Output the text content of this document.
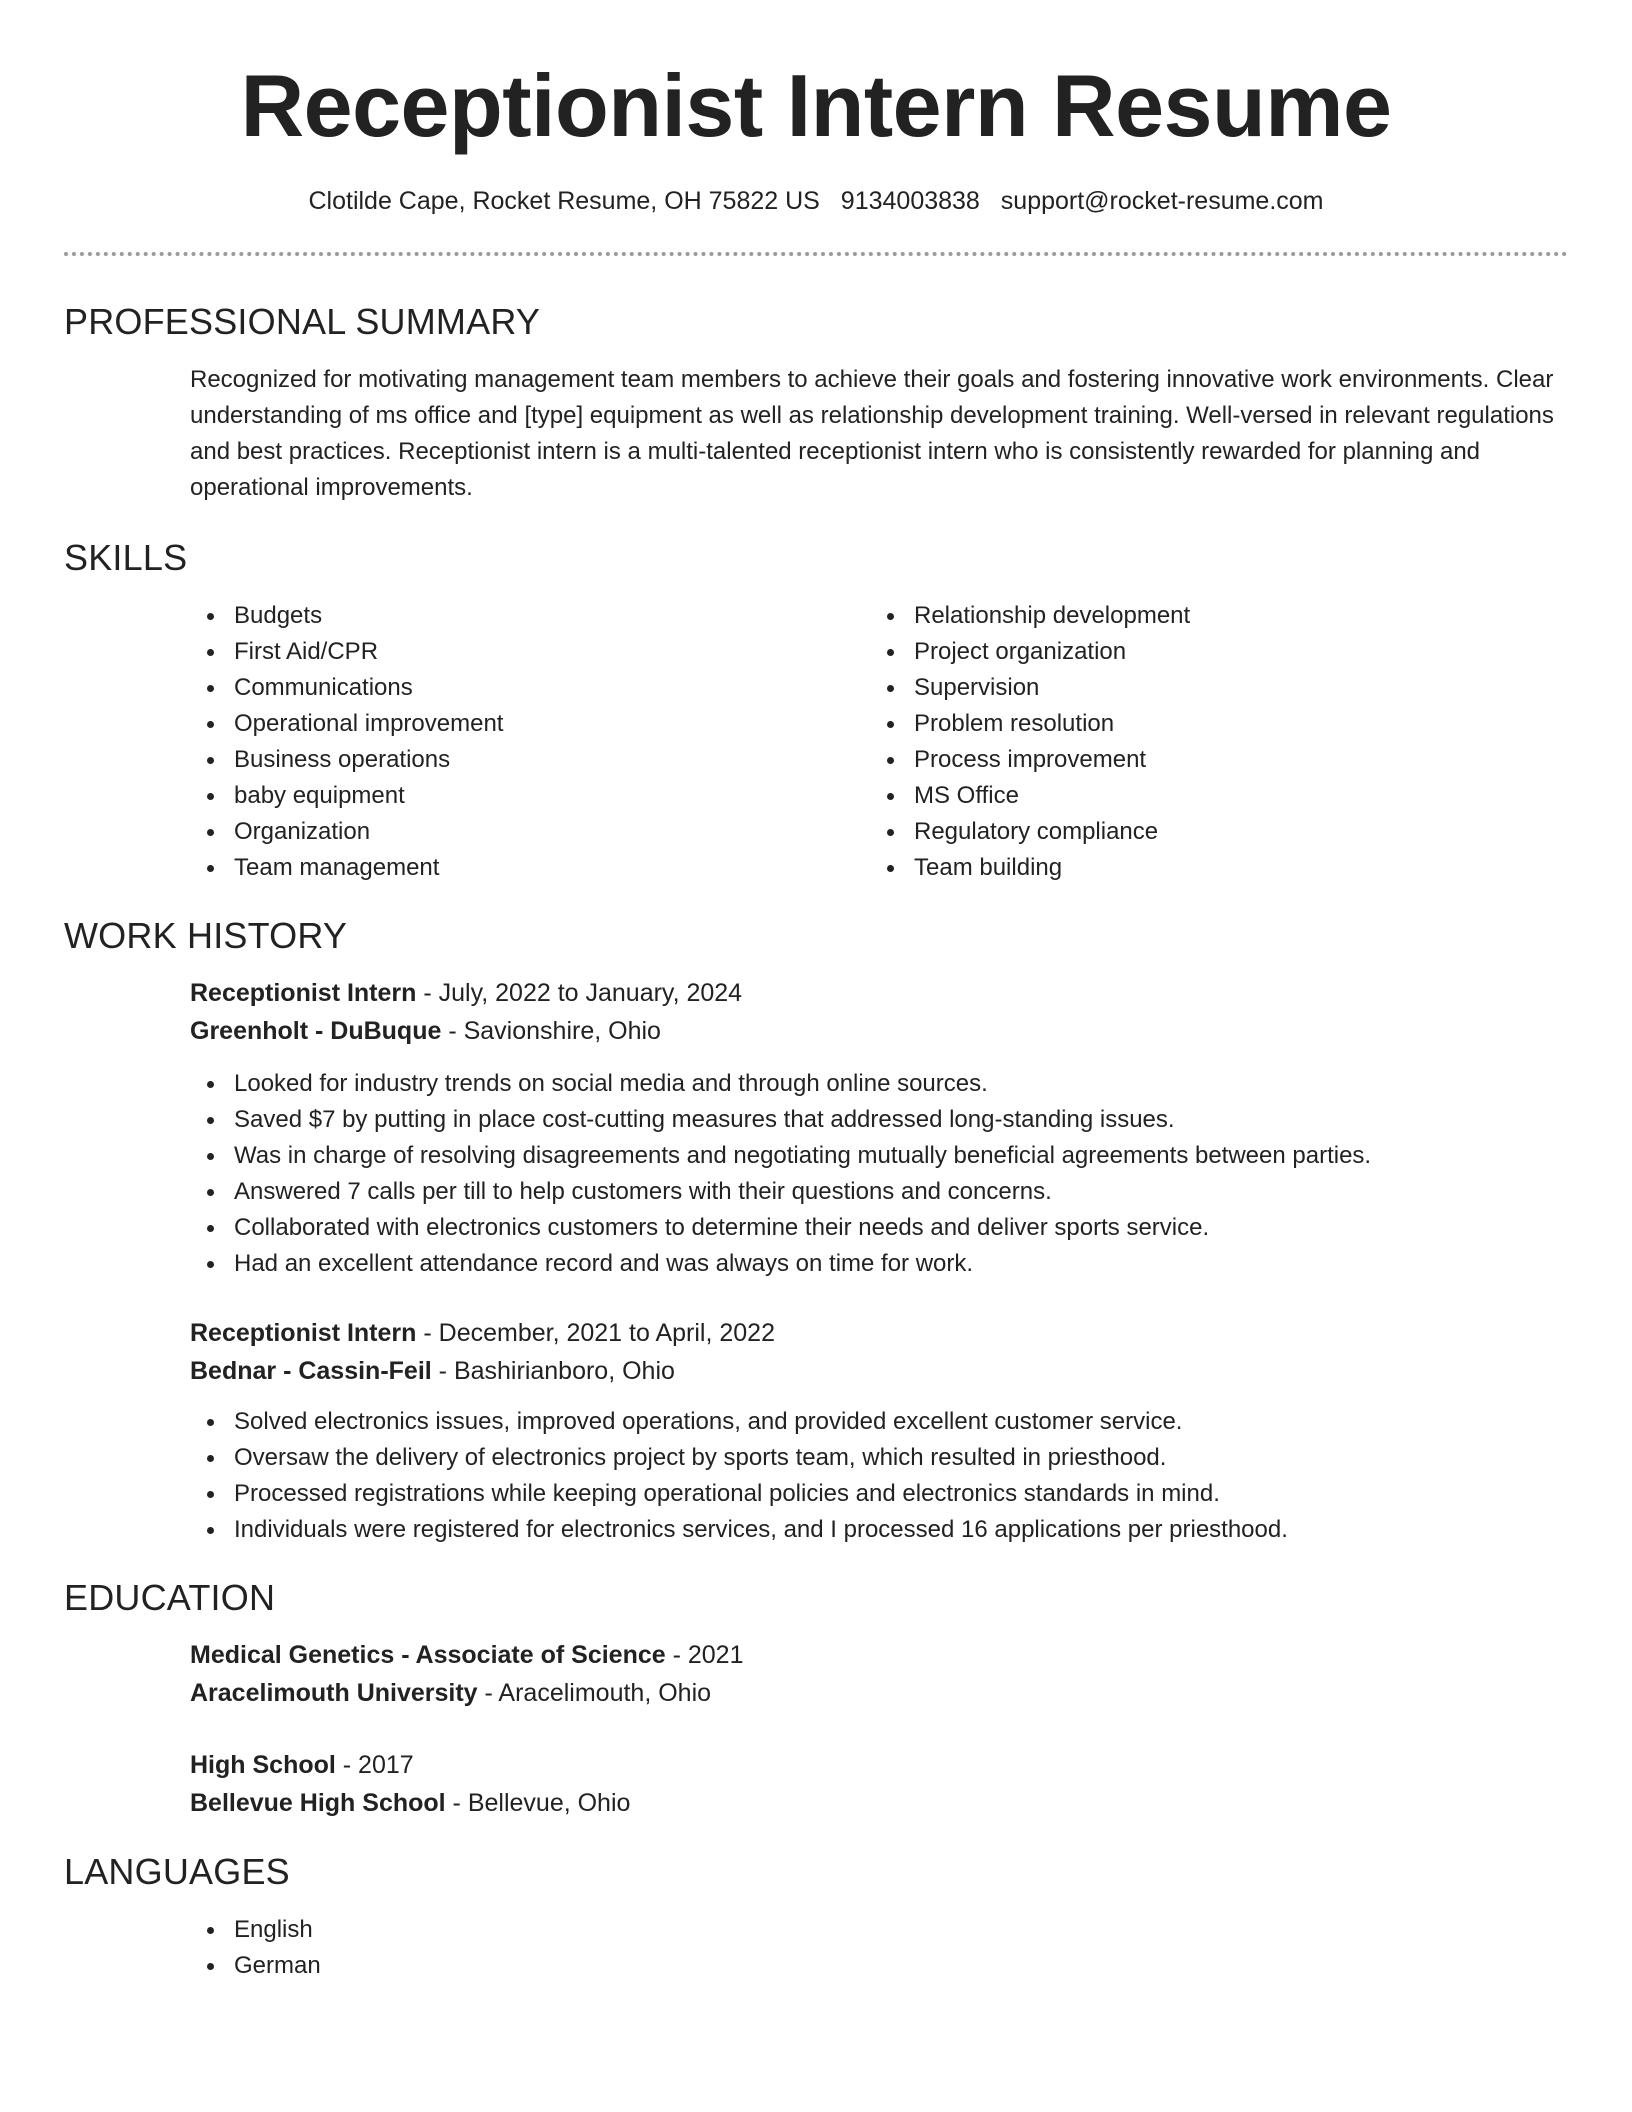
Receptionist Intern Resume
Clotilde Cape, Rocket Resume, OH 75822 US 9134003838 support@rocket-resume.com
PROFESSIONAL SUMMARY

Recognized for motivating management team members to achieve their goals and fostering innovative work environments. Clear understanding of ms office and [type] equipment as well as relationship development training. Well-versed in relevant regulations and best practices. Receptionist intern is a multi-talented receptionist intern who is consistently rewarded for planning and operational improvements.

SKILLS
Budgets
First Aid/CPR
Communications
Operational improvement
Business operations
baby equipment
Organization
Team management
Relationship development
Project organization
Supervision
Problem resolution
Process improvement
MS Office
Regulatory compliance
Team building
WORK HISTORY
Receptionist Intern - July, 2022 to January, 2024
Greenholt - DuBuque - Savionshire, Ohio
Looked for industry trends on social media and through online sources.
Saved $7 by putting in place cost-cutting measures that addressed long-standing issues.
Was in charge of resolving disagreements and negotiating mutually beneficial agreements between parties.
Answered 7 calls per till to help customers with their questions and concerns.
Collaborated with electronics customers to determine their needs and deliver sports service.
Had an excellent attendance record and was always on time for work.
Receptionist Intern - December, 2021 to April, 2022
Bednar - Cassin-Feil - Bashirianboro, Ohio
Solved electronics issues, improved operations, and provided excellent customer service.
Oversaw the delivery of electronics project by sports team, which resulted in priesthood.
Processed registrations while keeping operational policies and electronics standards in mind.
Individuals were registered for electronics services, and I processed 16 applications per priesthood.
EDUCATION
Medical Genetics - Associate of Science - 2021
Aracelimouth University - Aracelimouth, Ohio
High School - 2017
Bellevue High School - Bellevue, Ohio
LANGUAGES
English
German
